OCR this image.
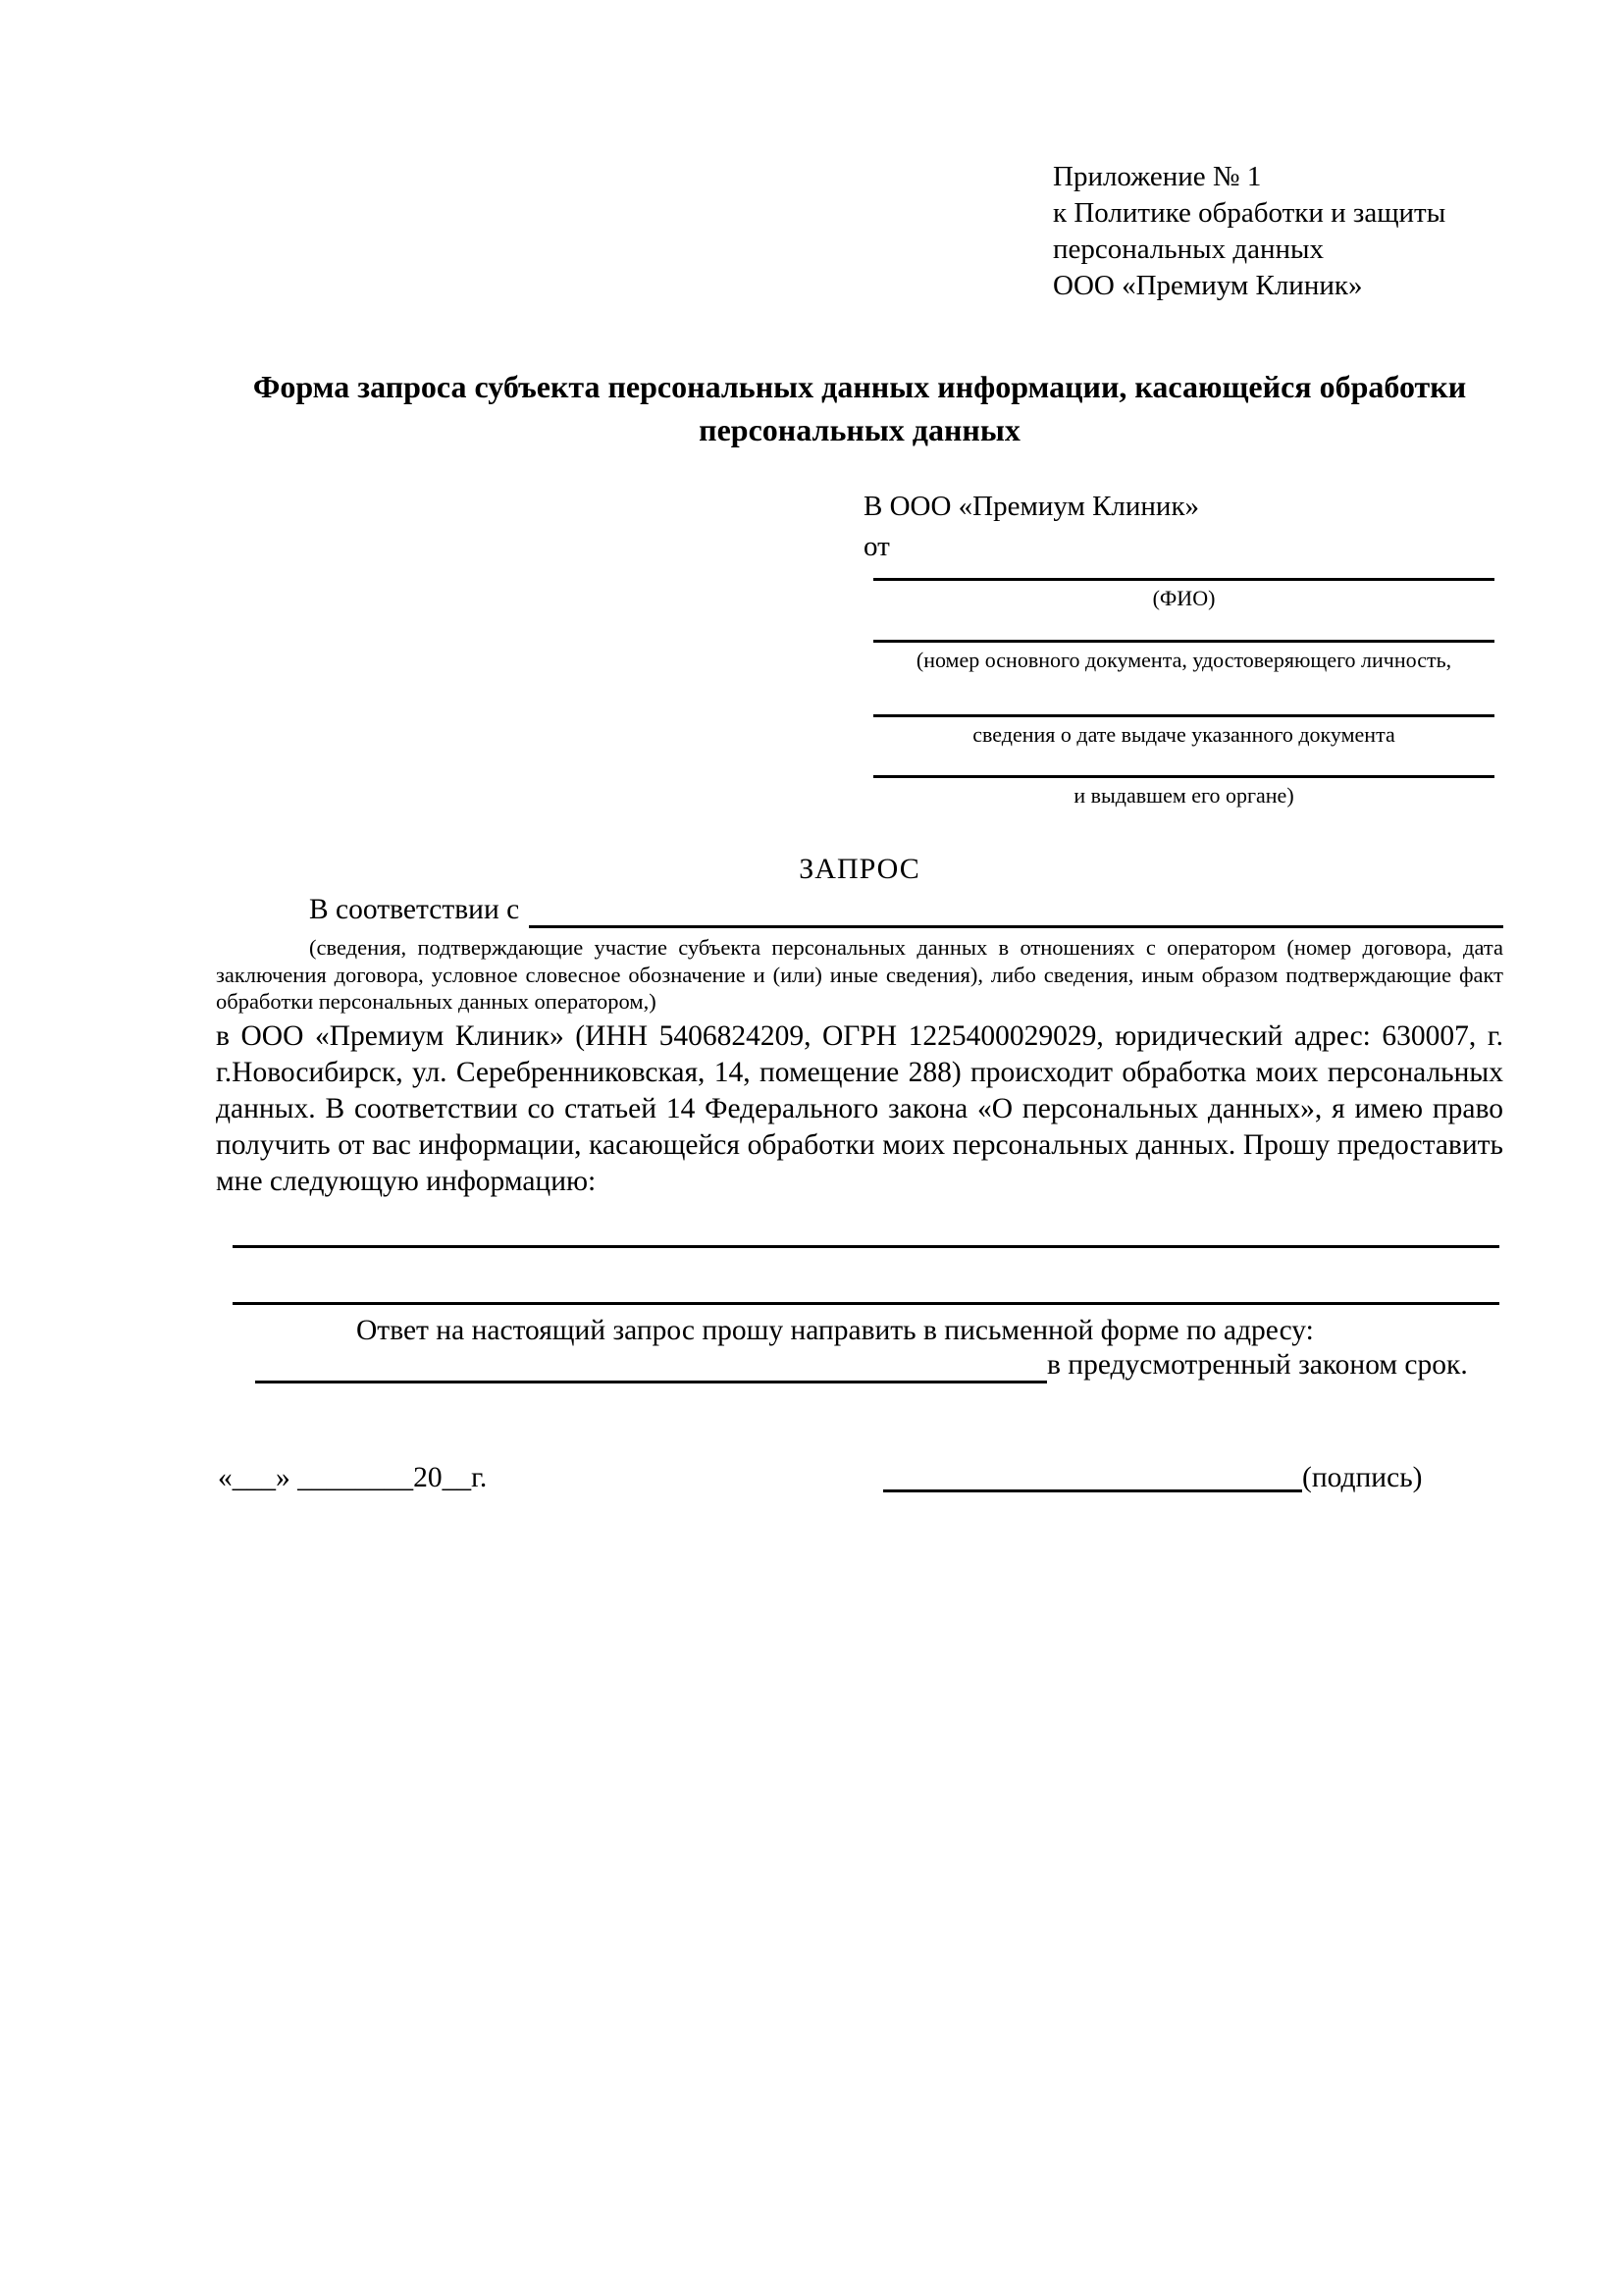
Приложение № 1
к Политике обработки и защиты
персональных данных
ООО «Премиум Клиник»
Форма запроса субъекта персональных данных информации, касающейся обработки персональных данных
В ООО «Премиум Клиник»
от
(ФИО)
(номер основного документа, удостоверяющего личность,
сведения о дате выдаче указанного документа
и выдавшем его органе)
ЗАПРОС
В соответствии с
(сведения, подтверждающие участие субъекта персональных данных в отношениях с оператором (номер договора, дата заключения договора, условное словесное обозначение и (или) иные сведения), либо сведения, иным образом подтверждающие факт обработки персональных данных оператором,)
в ООО «Премиум Клиник» (ИНН 5406824209, ОГРН 1225400029029, юридический адрес: 630007, г. г.Новосибирск, ул. Серебренниковская, 14, помещение 288) происходит обработка моих персональных данных. В соответствии со статьей 14 Федерального закона «О персональных данных», я имею право получить от вас информации, касающейся обработки моих персональных данных. Прошу предоставить мне следующую информацию:
Ответ на настоящий запрос прошу направить в письменной форме по адресу:
в предусмотренный законом срок.
«___» ________20__г.	(подпись)
